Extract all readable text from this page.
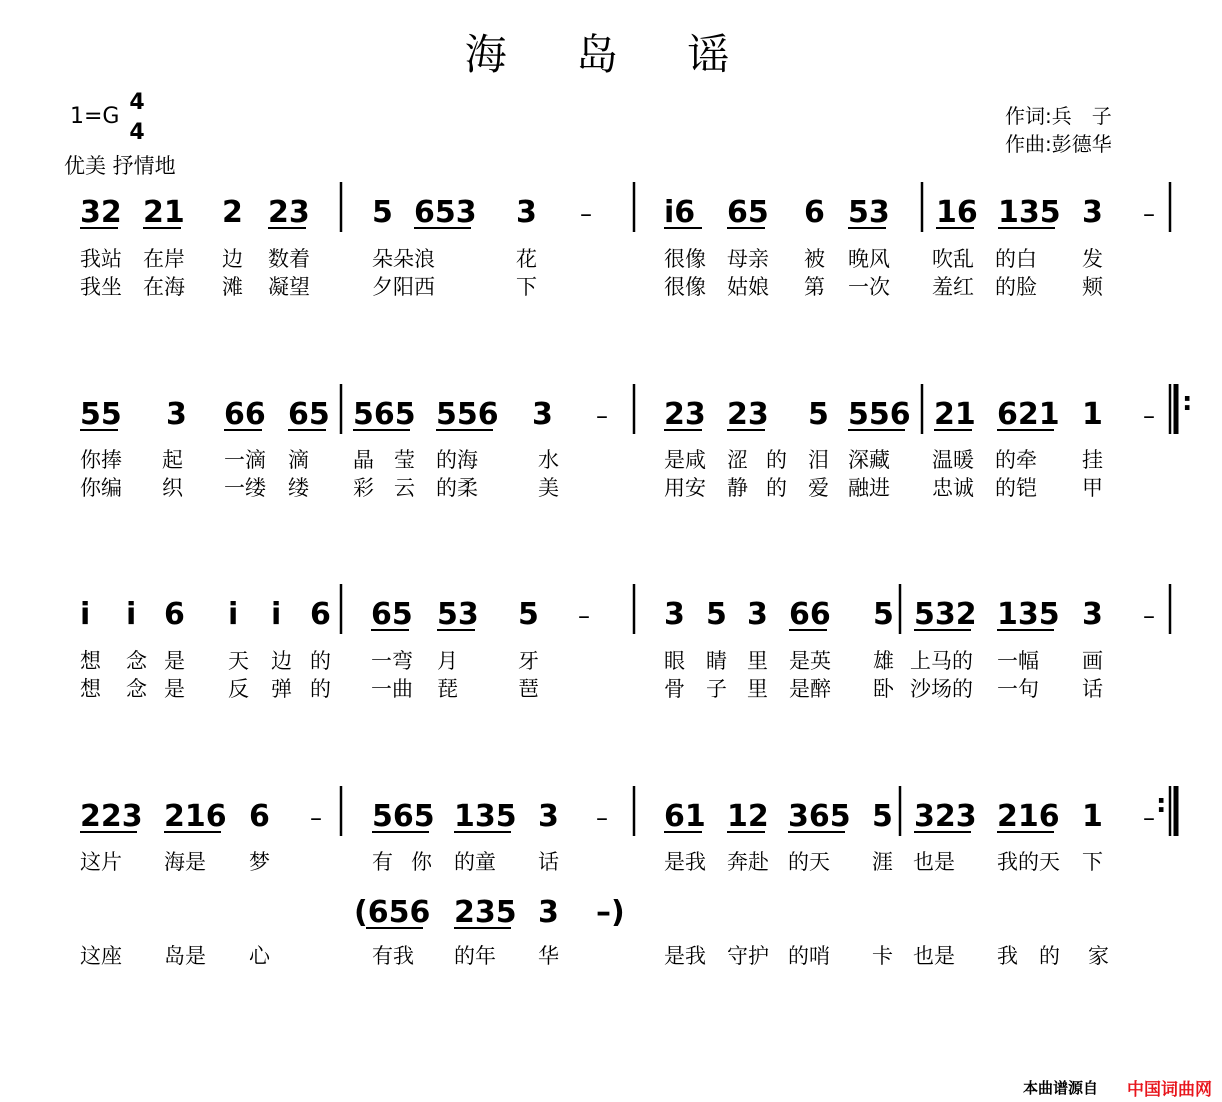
海 岛 谣
1=G
4
4
优美 抒情地
作词:兵　子
作曲:彭德华
32 21 2 23 5 653 3 – i6 65 6 53 16 135 3 –
55 3 66 65 565 556 3 – 23 23 5 556 21 621 1 – :
i i 6 i i 6 65 53 5 – 3 5 3 66 5 532 135 3 –
223 216 6 – 565 135 3 – 61 12 365 5 323 216 1 – :
(656 235 3 –)
我站 在岸 边 数着	朵朵浪	花	很像 母亲 被 晚风 吹乱 的白 发
我坐 在海 滩 凝望	夕阳西	下	很像 姑娘 第 一次 羞红 的脸 颊
你捧 起 一滴 滴 晶 莹 的海	水	是咸 涩 的 泪 深藏 温暖 的牵 挂
你编 织 一缕 缕 彩 云 的柔	美	用安 静 的 爱 融进 忠诚 的铠 甲
想 念 是 天 边 的 一弯 月	牙	眼 睛 里 是英 雄 上马的 一幅 画
想 念 是 反 弹 的 一曲 琵	琶	骨 子 里 是醉 卧 沙场的 一句 话
这片 海是 梦	有 你 的童 话	是我 奔赴 的天 涯 也是 我的天 下
这座 岛是 心	有我 的年 华	是我 守护 的哨 卡 也是 我 的 家
本曲谱源自 中国词曲网
